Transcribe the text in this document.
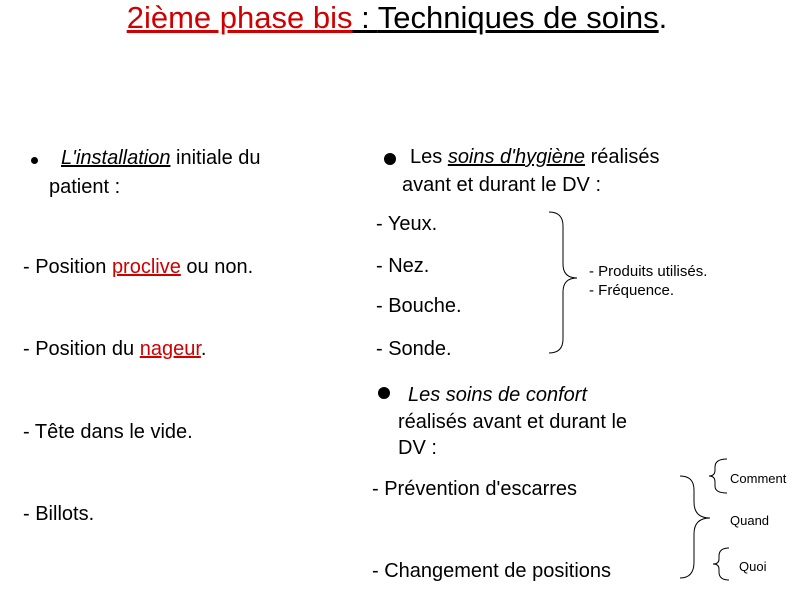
2ième phase bis : Techniques de soins.
L'installation initiale du
patient :
- Position proclive ou non.
- Position du nageur.
- Tête dans le vide.
- Billots.
Les soins d'hygiène réalisés
avant et durant le DV :
- Yeux.
- Nez.
- Bouche.
- Sonde.
- Produits utilisés.
- Fréquence.
Les soins de confort
réalisés avant et durant le
DV :
- Prévention d'escarres
- Changement de positions
Comment
Quand
Quoi
